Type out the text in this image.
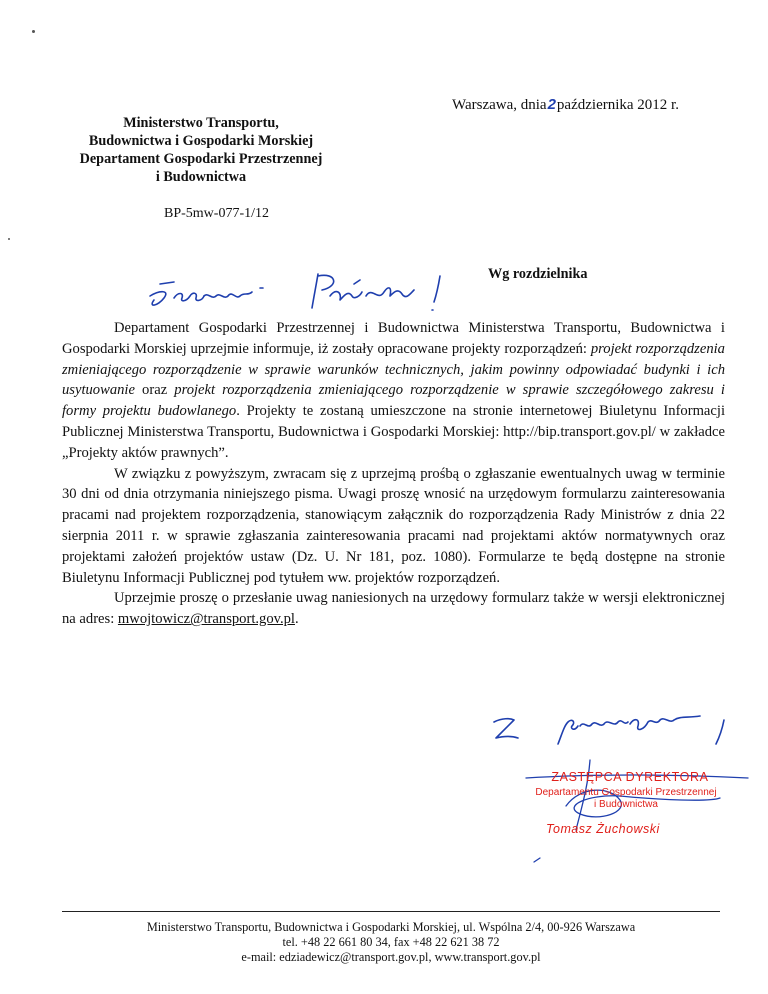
Warszawa, dnia2października 2012 r.
Ministerstwo Transportu,
Budownictwa i Gospodarki Morskiej
Departament Gospodarki Przestrzennej
i Budownictwa
BP-5mw-077-1/12
Wg rozdzielnika

Departament Gospodarki Przestrzennej i Budownictwa Ministerstwa Transportu, Budownictwa i Gospodarki Morskiej uprzejmie informuje, iż zostały opracowane projekty rozporządzeń: projekt rozporządzenia zmieniającego rozporządzenie w sprawie warunków technicznych, jakim powinny odpowiadać budynki i ich usytuowanie oraz projekt rozporządzenia zmieniającego rozporządzenie w sprawie szczegółowego zakresu i formy projektu budowlanego. Projekty te zostaną umieszczone na stronie internetowej Biuletynu Informacji Publicznej Ministerstwa Transportu, Budownictwa i Gospodarki Morskiej: http://bip.transport.gov.pl/ w zakładce „Projekty aktów prawnych”.

W związku z powyższym, zwracam się z uprzejmą prośbą o zgłaszanie ewentualnych uwag w terminie 30 dni od dnia otrzymania niniejszego pisma. Uwagi proszę wnosić na urzędowym formularzu zainteresowania pracami nad projektem rozporządzenia, stanowiącym załącznik do rozporządzenia Rady Ministrów z dnia 22 sierpnia 2011 r. w sprawie zgłaszania zainteresowania pracami nad projektami aktów normatywnych oraz projektami założeń projektów ustaw (Dz. U. Nr 181, poz. 1080). Formularze te będą dostępne na stronie Biuletynu Informacji Publicznej pod tytułem ww. projektów rozporządzeń.

Uprzejmie proszę o przesłanie uwag naniesionych na urzędowy formularz także w wersji elektronicznej na adres: mwojtowicz@transport.gov.pl.

ZASTĘPCA DYREKTORA
Departamentu Gospodarki Przestrzennej
i Budownictwa
Tomasz Żuchowski
Ministerstwo Transportu, Budownictwa i Gospodarki Morskiej, ul. Wspólna 2/4, 00-926 Warszawa
tel. +48 22 661 80 34, fax +48 22 621 38 72
e-mail: edziadewicz@transport.gov.pl, www.transport.gov.pl
